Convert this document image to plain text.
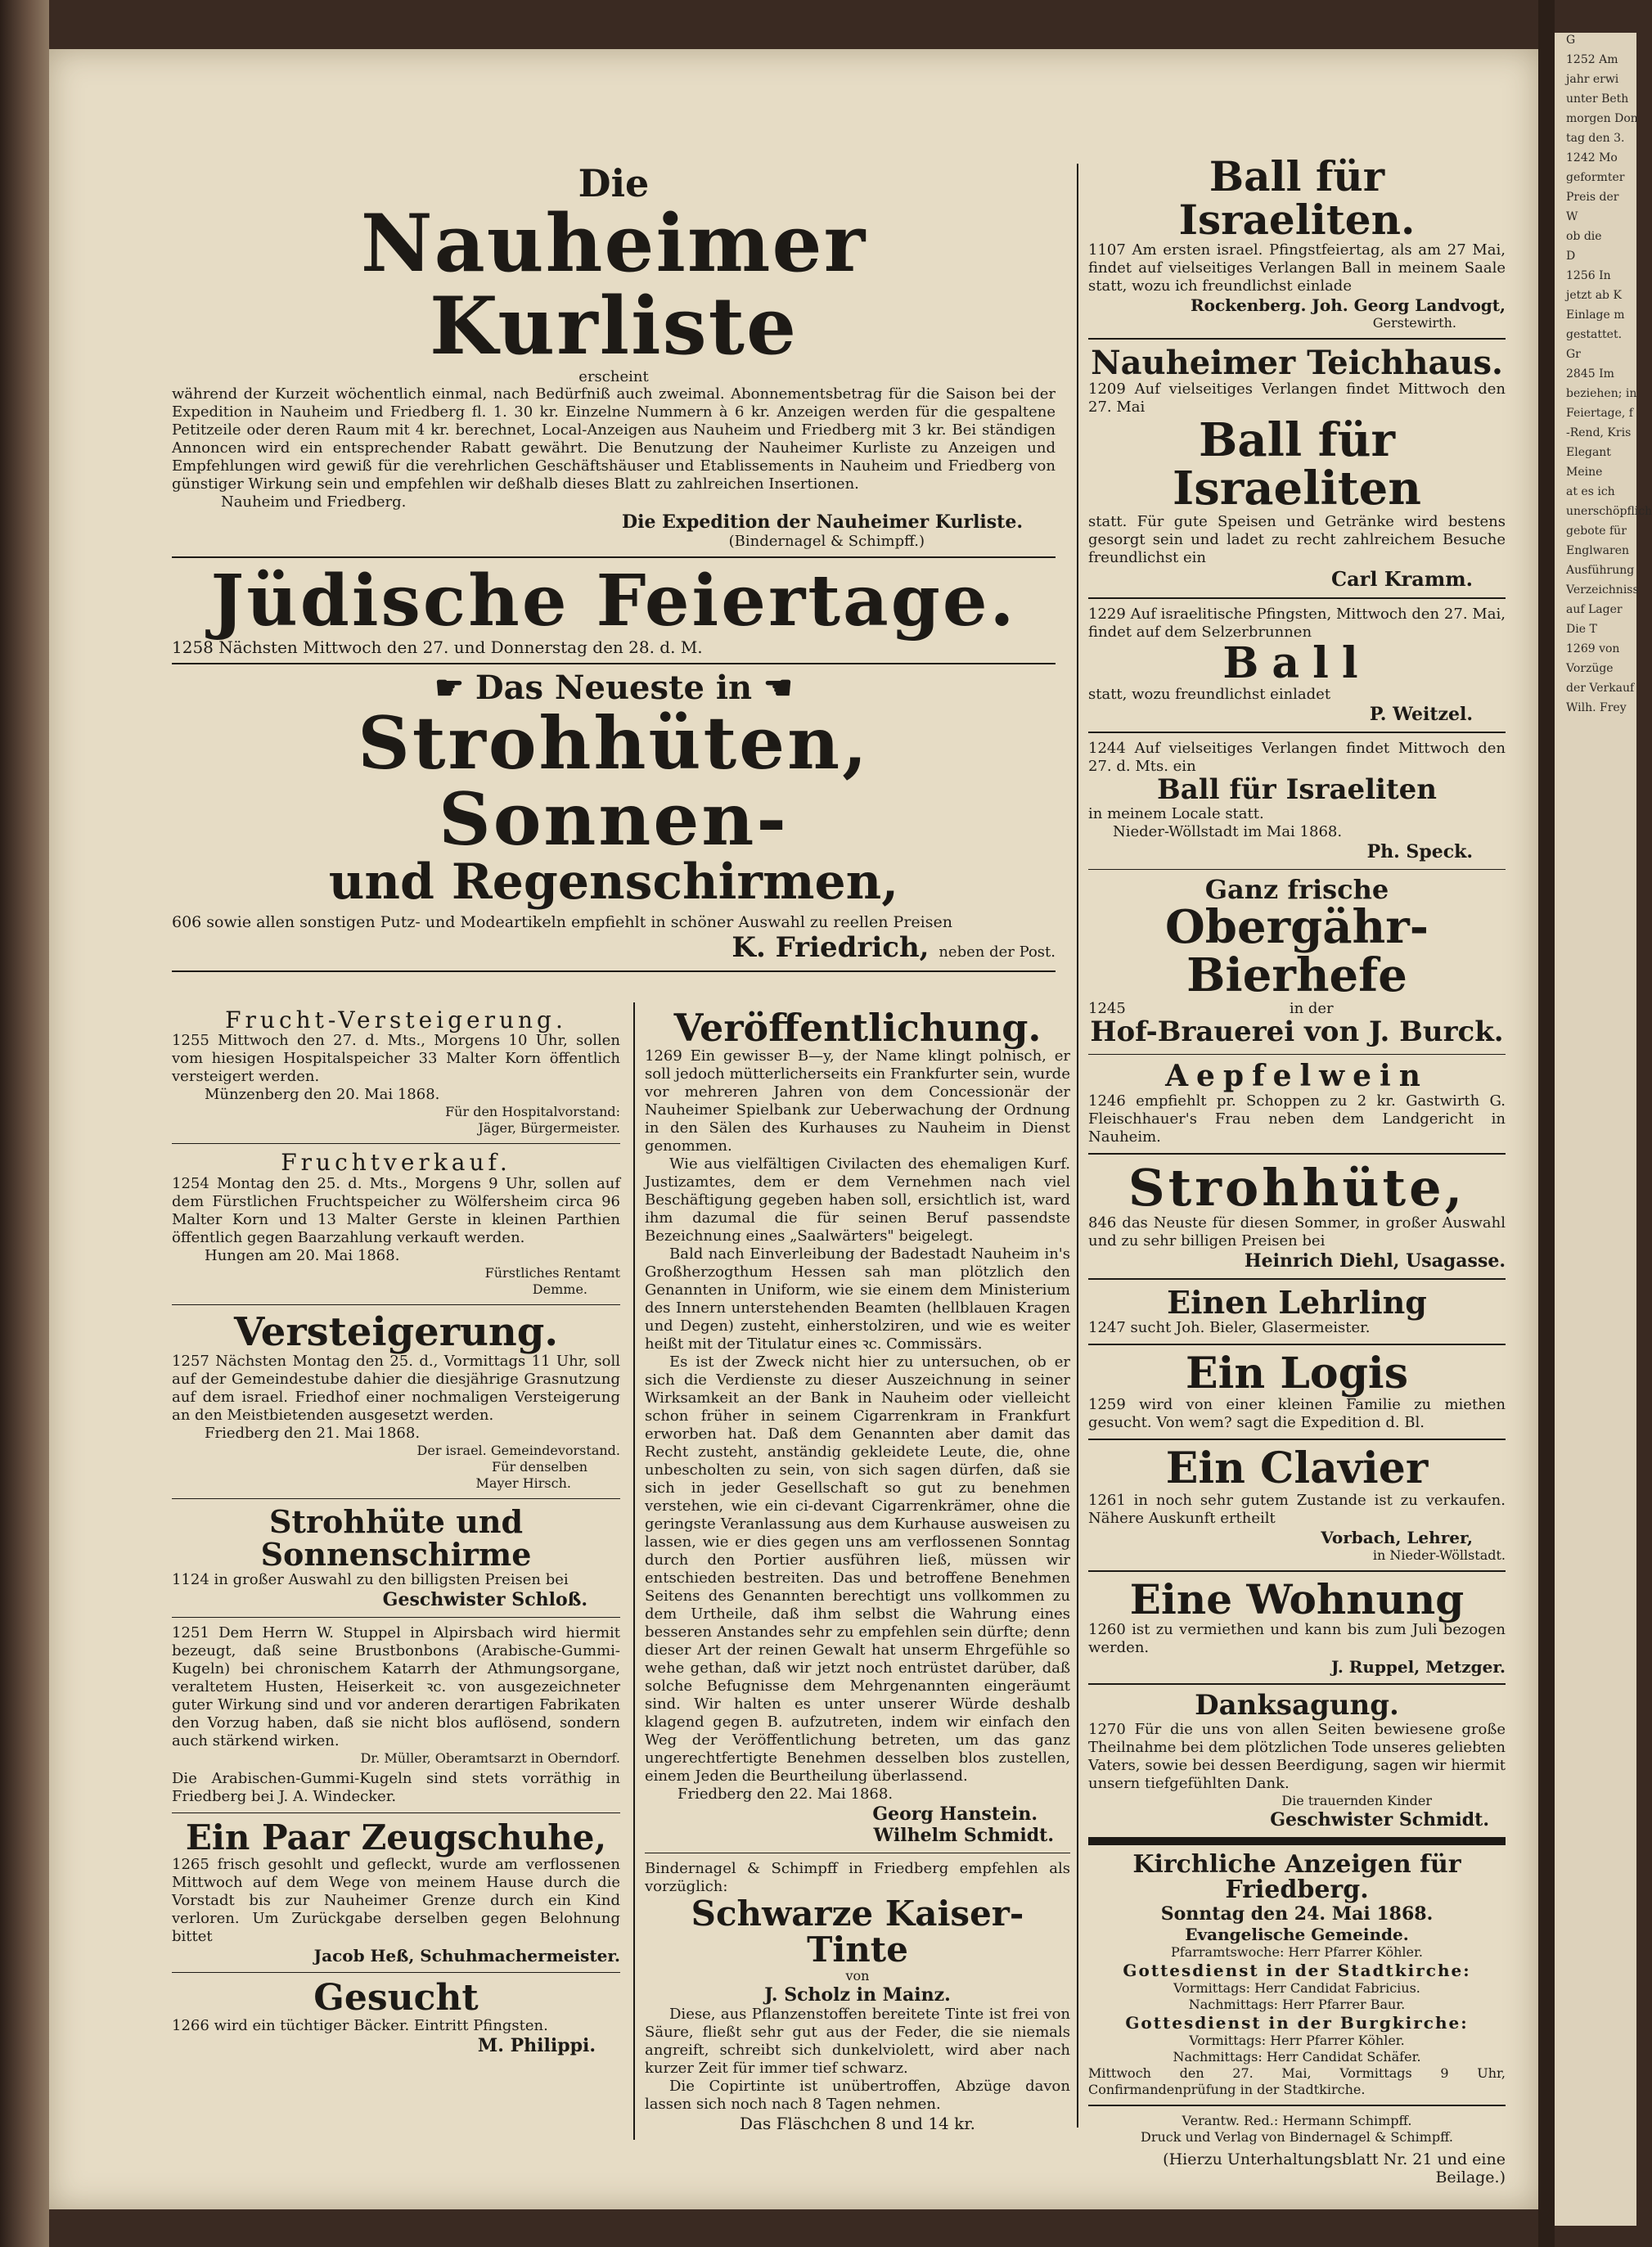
G
1252 Am
jahr erwi
unter Beth
morgen Don
tag den 3.
1242 Mo
geformter
Preis der
W
ob die
D
1256 In
jetzt ab K
Einlage m
gestattet.
Gr
2845 Im
beziehen; in
Feiertage, f
-Rend, Kris
Elegant
Meine
at es ich
unerschöpflich
gebote für
Englwaren
Ausführung
Verzeichniss
auf Lager
Die T
1269 von
Vorzüge
der Verkauf
Wilh. Frey
Die
Nauheimer Kurliste
erscheint

während der Kurzeit wöchentlich einmal, nach Bedürfniß auch zweimal. Abonnementsbetrag für die Saison bei der Expedition in Nauheim und Friedberg fl. 1. 30 kr. Einzelne Nummern à 6 kr. Anzeigen werden für die gespaltene Petitzeile oder deren Raum mit 4 kr. berechnet, Local-Anzeigen aus Nauheim und Friedberg mit 3 kr. Bei ständigen Annoncen wird ein entsprechender Rabatt gewährt. Die Benutzung der Nauheimer Kurliste zu Anzeigen und Empfehlungen wird gewiß für die verehrlichen Geschäftshäuser und Etablissements in Nauheim und Friedberg von günstiger Wirkung sein und empfehlen wir deßhalb dieses Blatt zu zahlreichen Insertionen.

Nauheim und Friedberg.

Die Expedition der Nauheimer Kurliste.

(Bindernagel & Schimpff.)

Jüdische Feiertage.

1258 Nächsten Mittwoch den 27. und Donnerstag den 28. d. M.

☛ Das Neueste in ☚
Strohhüten, Sonnen-
und Regenschirmen,

606 sowie allen sonstigen Putz- und Modeartikeln empfiehlt in schöner Auswahl zu reellen Preisen

K. Friedrich, neben der Post.

Frucht-Versteigerung.

1255 Mittwoch den 27. d. Mts., Morgens 10 Uhr, sollen vom hiesigen Hospitalspeicher 33 Malter Korn öffentlich versteigert werden.

Münzenberg den 20. Mai 1868.

Für den Hospitalvorstand:

Jäger, Bürgermeister.

Fruchtverkauf.

1254 Montag den 25. d. Mts., Morgens 9 Uhr, sollen auf dem Fürstlichen Fruchtspeicher zu Wölfersheim circa 96 Malter Korn und 13 Malter Gerste in kleinen Parthien öffentlich gegen Baarzahlung verkauft werden.

Hungen am 20. Mai 1868.

Fürstliches Rentamt

Demme.

Versteigerung.

1257 Nächsten Montag den 25. d., Vormittags 11 Uhr, soll auf der Gemeindestube dahier die diesjährige Grasnutzung auf dem israel. Friedhof einer nochmaligen Versteigerung an den Meistbietenden ausgesetzt werden.

Friedberg den 21. Mai 1868.

Der israel. Gemeindevorstand.

Für denselben

Mayer Hirsch.

Strohhüte und Sonnenschirme

1124 in großer Auswahl zu den billigsten Preisen bei

Geschwister Schloß.

1251 Dem Herrn W. Stuppel in Alpirsbach wird hiermit bezeugt, daß seine Brustbonbons (Arabische-Gummi-Kugeln) bei chronischem Katarrh der Athmungsorgane, veraltetem Husten, Heiserkeit ꝛc. von ausgezeichneter guter Wirkung sind und vor anderen derartigen Fabrikaten den Vorzug haben, daß sie nicht blos auflösend, sondern auch stärkend wirken.

Dr. Müller, Oberamtsarzt in Oberndorf.

Die Arabischen-Gummi-Kugeln sind stets vorräthig in Friedberg bei J. A. Windecker.

Ein Paar Zeugschuhe,

1265 frisch gesohlt und gefleckt, wurde am verflossenen Mittwoch auf dem Wege von meinem Hause durch die Vorstadt bis zur Nauheimer Grenze durch ein Kind verloren. Um Zurückgabe derselben gegen Belohnung bittet

Jacob Heß, Schuhmachermeister.

Gesucht

1266 wird ein tüchtiger Bäcker. Eintritt Pfingsten.

M. Philippi.

Veröffentlichung.

1269 Ein gewisser B—y, der Name klingt polnisch, er soll jedoch mütterlicherseits ein Frankfurter sein, wurde vor mehreren Jahren von dem Concessionär der Nauheimer Spielbank zur Ueberwachung der Ordnung in den Sälen des Kurhauses zu Nauheim in Dienst genommen.

Wie aus vielfältigen Civilacten des ehemaligen Kurf. Justizamtes, dem er dem Vernehmen nach viel Beschäftigung gegeben haben soll, ersichtlich ist, ward ihm dazumal die für seinen Beruf passendste Bezeichnung eines „Saalwärters" beigelegt.

Bald nach Einverleibung der Badestadt Nauheim in's Großherzogthum Hessen sah man plötzlich den Genannten in Uniform, wie sie einem dem Ministerium des Innern unterstehenden Beamten (hellblauen Kragen und Degen) zusteht, einherstolziren, und wie es weiter heißt mit der Titulatur eines ꝛc. Commissärs.

Es ist der Zweck nicht hier zu untersuchen, ob er sich die Verdienste zu dieser Auszeichnung in seiner Wirksamkeit an der Bank in Nauheim oder vielleicht schon früher in seinem Cigarrenkram in Frankfurt erworben hat. Daß dem Genannten aber damit das Recht zusteht, anständig gekleidete Leute, die, ohne unbescholten zu sein, von sich sagen dürfen, daß sie sich in jeder Gesellschaft so gut zu benehmen verstehen, wie ein ci-devant Cigarrenkrämer, ohne die geringste Veranlassung aus dem Kurhause ausweisen zu lassen, wie er dies gegen uns am verflossenen Sonntag durch den Portier ausführen ließ, müssen wir entschieden bestreiten. Das und betroffene Benehmen Seitens des Genannten berechtigt uns vollkommen zu dem Urtheile, daß ihm selbst die Wahrung eines besseren Anstandes sehr zu empfehlen sein dürfte; denn dieser Art der reinen Gewalt hat unserm Ehrgefühle so wehe gethan, daß wir jetzt noch entrüstet darüber, daß solche Befugnisse dem Mehrgenannten eingeräumt sind. Wir halten es unter unserer Würde deshalb klagend gegen B. aufzutreten, indem wir einfach den Weg der Veröffentlichung betreten, um das ganz ungerechtfertigte Benehmen desselben blos zustellen, einem Jeden die Beurtheilung überlassend.

Friedberg den 22. Mai 1868.

Georg Hanstein.

Wilhelm Schmidt.

Bindernagel & Schimpff in Friedberg empfehlen als vorzüglich:

Schwarze Kaiser-Tinte
von
J. Scholz in Mainz.

Diese, aus Pflanzenstoffen bereitete Tinte ist frei von Säure, fließt sehr gut aus der Feder, die sie niemals angreift, schreibt sich dunkelviolett, wird aber nach kurzer Zeit für immer tief schwarz.

Die Copirtinte ist unübertroffen, Abzüge davon lassen sich noch nach 8 Tagen nehmen.

Das Fläschchen 8 und 14 kr.

Ball für Israeliten.

1107 Am ersten israel. Pfingstfeiertag, als am 27 Mai, findet auf vielseitiges Verlangen Ball in meinem Saale statt, wozu ich freundlichst einlade

Rockenberg. Joh. Georg Landvogt,

Gerstewirth.

Nauheimer Teichhaus.

1209 Auf vielseitiges Verlangen findet Mittwoch den 27. Mai

Ball für Israeliten

statt. Für gute Speisen und Getränke wird bestens gesorgt sein und ladet zu recht zahlreichem Besuche freundlichst ein

Carl Kramm.

1229 Auf israelitische Pfingsten, Mittwoch den 27. Mai, findet auf dem Selzerbrunnen

Ball

statt, wozu freundlichst einladet

P. Weitzel.

1244 Auf vielseitiges Verlangen findet Mittwoch den 27. d. Mts. ein

Ball für Israeliten

in meinem Locale statt.

Nieder-Wöllstadt im Mai 1868.

Ph. Speck.

Ganz frische
Obergähr-Bierhefe

1245	in der

Hof-Brauerei von J. Burck.
Aepfelwein

1246 empfiehlt pr. Schoppen zu 2 kr. Gastwirth G. Fleischhauer's Frau neben dem Landgericht in Nauheim.

Strohhüte,

846 das Neuste für diesen Sommer, in großer Auswahl und zu sehr billigen Preisen bei

Heinrich Diehl, Usagasse.

Einen Lehrling

1247 sucht Joh. Bieler, Glasermeister.

Ein Logis

1259 wird von einer kleinen Familie zu miethen gesucht. Von wem? sagt die Expedition d. Bl.

Ein Clavier

1261 in noch sehr gutem Zustande ist zu verkaufen. Nähere Auskunft ertheilt

Vorbach, Lehrer,

in Nieder-Wöllstadt.

Eine Wohnung

1260 ist zu vermiethen und kann bis zum Juli bezogen werden.

J. Ruppel, Metzger.

Danksagung.

1270 Für die uns von allen Seiten bewiesene große Theilnahme bei dem plötzlichen Tode unseres geliebten Vaters, sowie bei dessen Beerdigung, sagen wir hiermit unsern tiefgefühlten Dank.

Die trauernden Kinder

Geschwister Schmidt.

Kirchliche Anzeigen für Friedberg.
Sonntag den 24. Mai 1868.
Evangelische Gemeinde.
Pfarramtswoche: Herr Pfarrer Köhler.
Gottesdienst in der Stadtkirche:
Vormittags: Herr Candidat Fabricius.
Nachmittags: Herr Pfarrer Baur.
Gottesdienst in der Burgkirche:
Vormittags: Herr Pfarrer Köhler.
Nachmittags: Herr Candidat Schäfer.

Mittwoch den 27. Mai, Vormittags 9 Uhr, Confirmandenprüfung in der Stadtkirche.

Verantw. Red.: Hermann Schimpff.
Druck und Verlag von Bindernagel & Schimpff.
(Hierzu Unterhaltungsblatt Nr. 21 und eine Beilage.)
